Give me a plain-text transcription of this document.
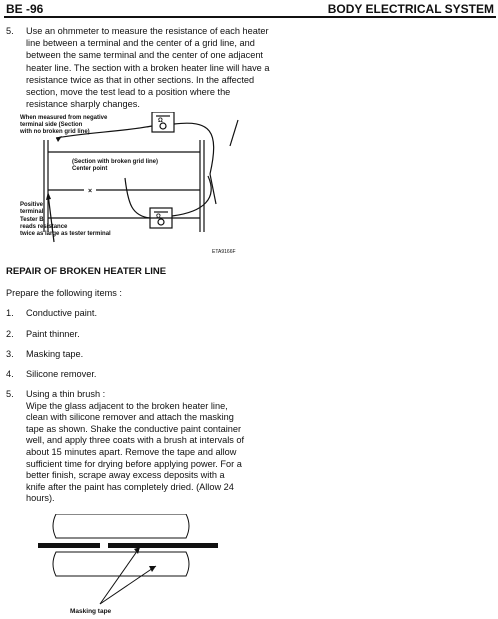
BE -96	BODY ELECTRICAL SYSTEM
5. Use an ohmmeter to measure the resistance of each heater line between a terminal and the center of a grid line, and between the same terminal and the center of one adjacent heater line. The section with a broken heater line will have a resistance twice as that in other sections. In the affected section, move the test lead to a position where the resistance sharply changes.
×
When measured from negative
terminal side (Section
with no broken grid line)
(Section with broken grid line)
Center point
Positive
terminal
Tester B
reads resistance
twice as large as tester terminal
Ω
Ω
ETA9166F
REPAIR OF BROKEN HEATER LINE
Prepare the following items :
1. Conductive paint.
2. Paint thinner.
3. Masking tape.
4. Silicone remover.
5. Using a thin brush :
Wipe the glass adjacent to the broken heater line, clean with silicone remover and attach the masking tape as shown. Shake the conductive paint container well, and apply three coats with a brush at intervals of about 15 minutes apart. Remove the tape and allow sufficient time for drying before applying power. For a better finish, scrape away excess deposits with a knife after the paint has completely dried. (Allow 24 hours).
Masking tape
